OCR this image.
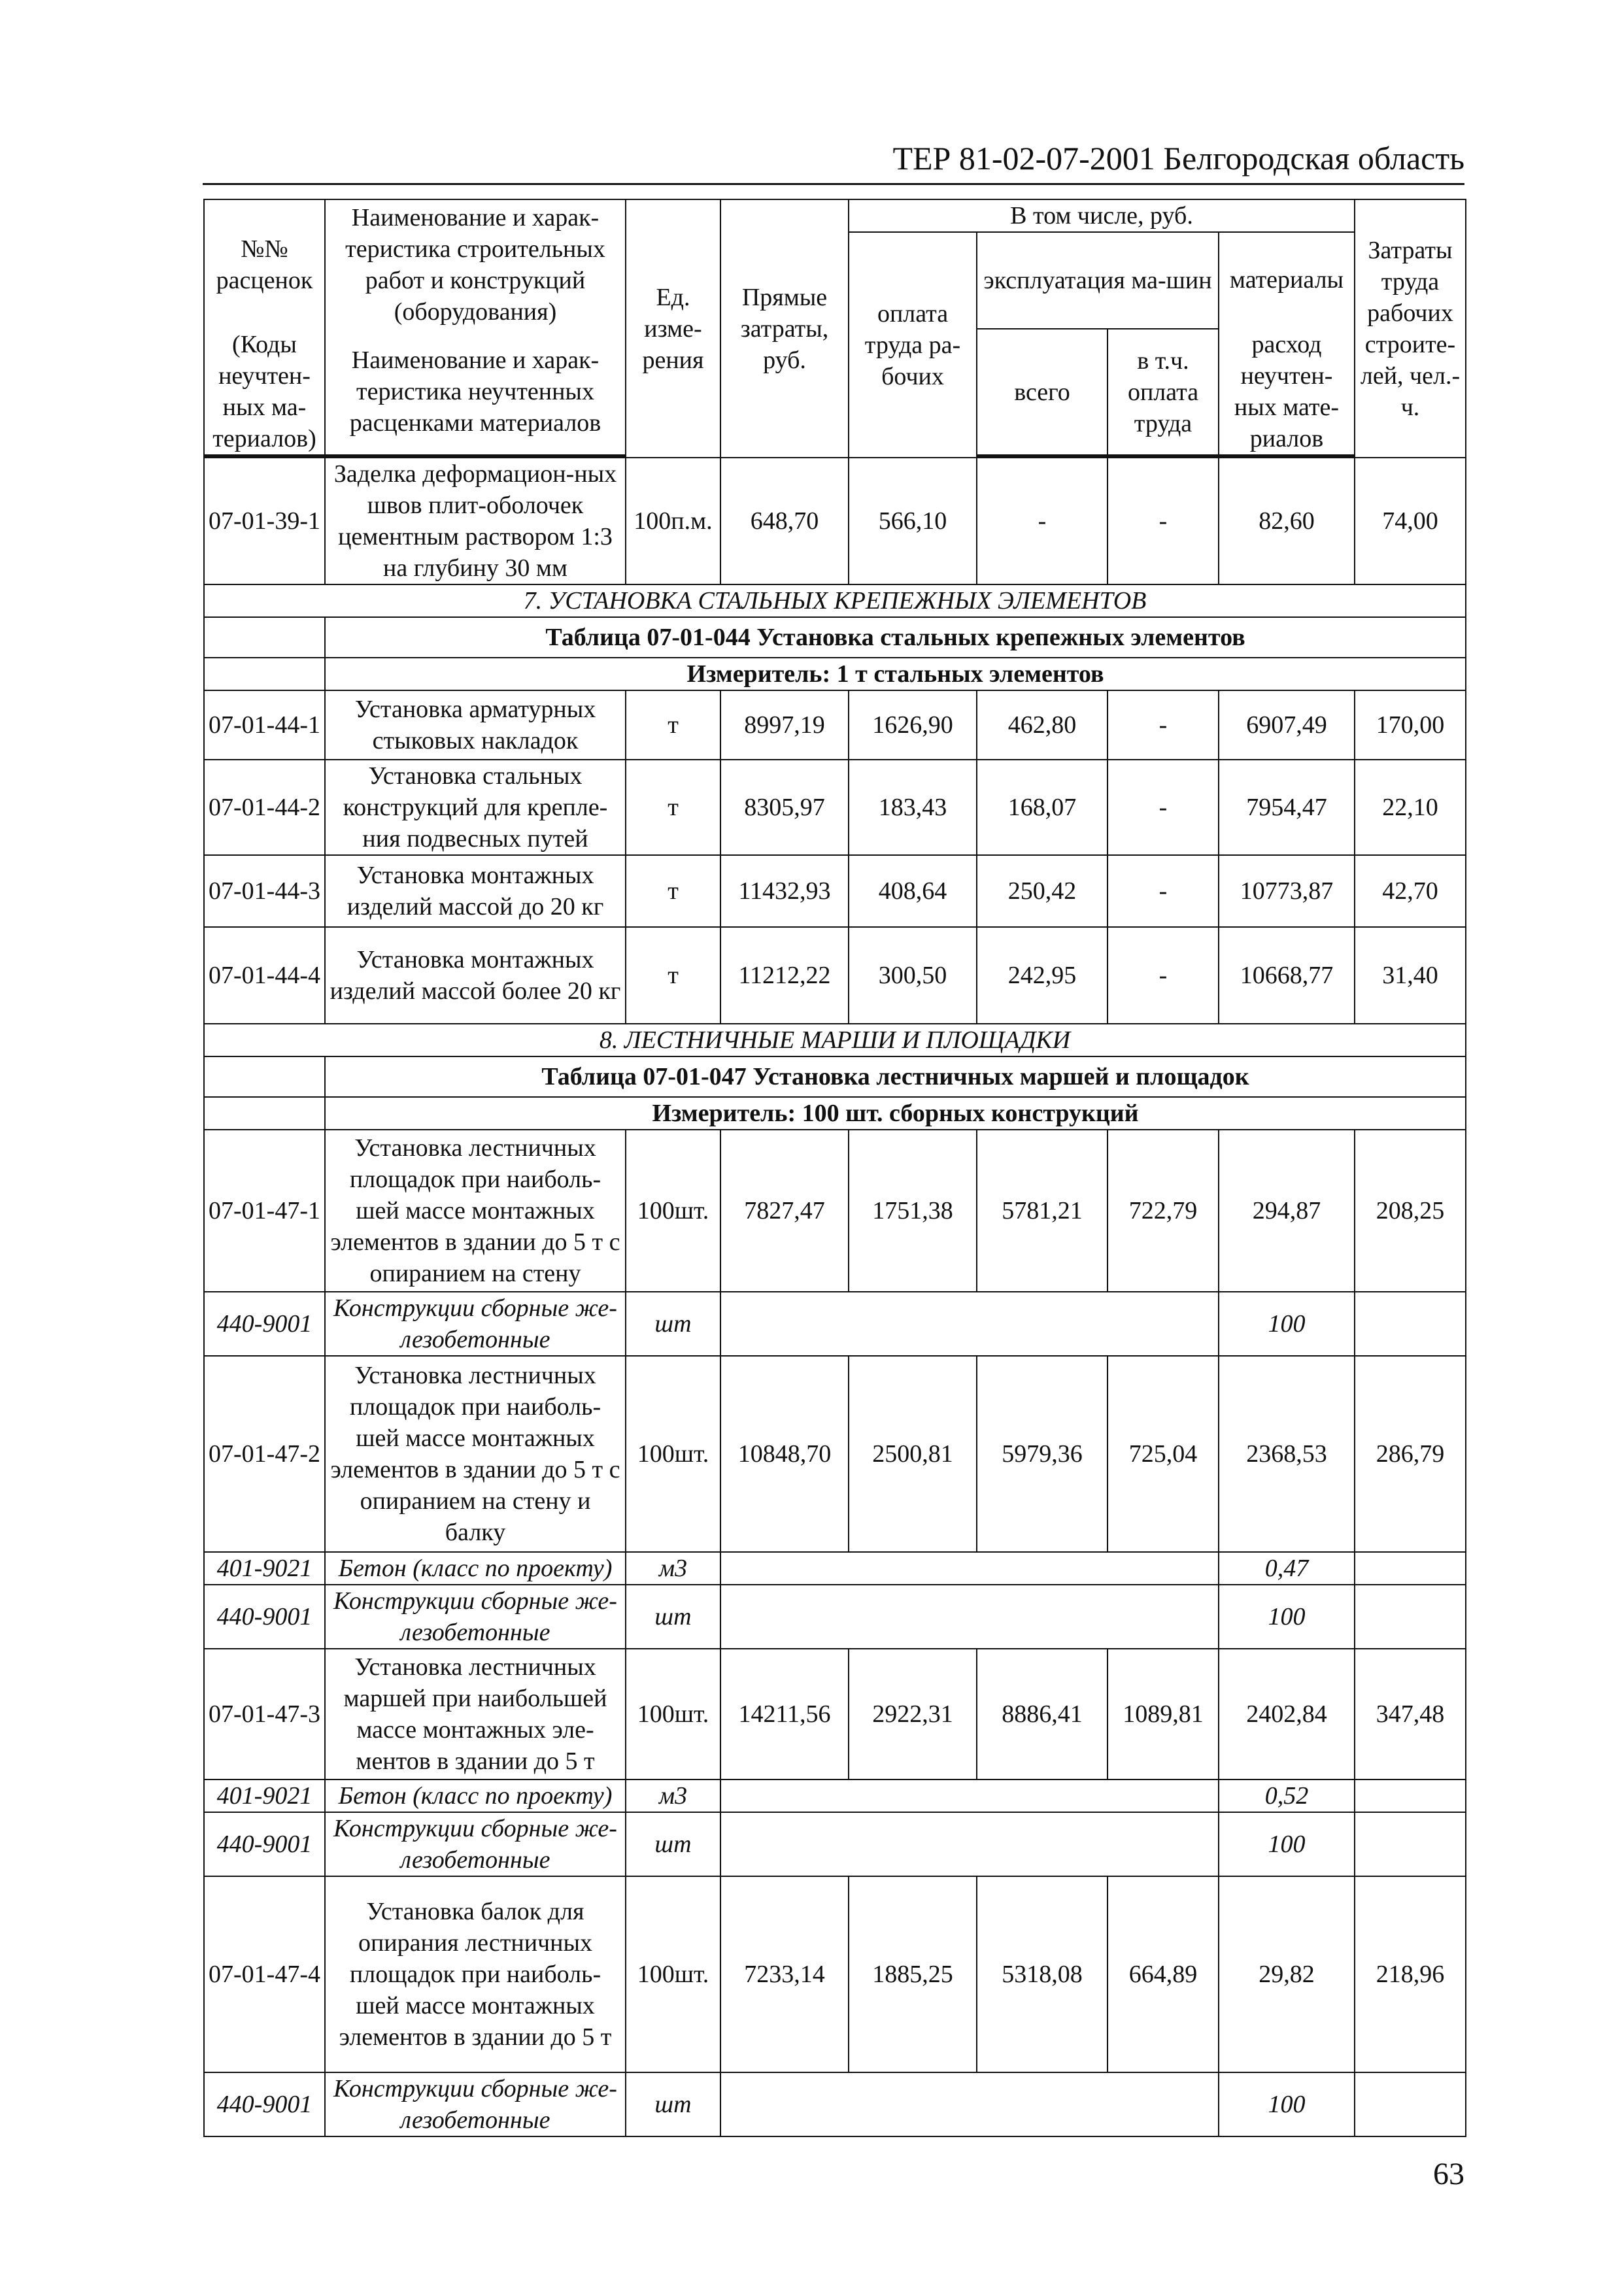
ТЕР 81-02-07-2001 Белгородская область
№№ расценок	Наименование и харак-теристика строительных работ и конструкций (оборудования)	Ед. изме-рения	Прямые затраты, руб.	В том числе, руб.				Затраты труда рабочих строите-лей, чел.-ч.
				оплата труда ра-бочих	эксплуатация ма-шин		материалы	

(Коды неучтен-ных ма-териалов)	Наименование и харак-теристика неучтенных расценками материалов				всего	в т.ч. оплата труда	расход неучтен-ных мате-риалов	

07-01-39-1	Заделка деформацион-ных швов плит-оболочек цементным раствором 1:3 на глубину 30 мм	100п.м.	648,70	566,10	-	-	82,60	74,00
7. УСТАНОВКА СТАЛЬНЫХ КРЕПЕЖНЫХ ЭЛЕМЕНТОВ								
	Таблица 07-01-044 Установка стальных крепежных элементов							
	Измеритель: 1 т стальных элементов							
07-01-44-1	Установка арматурных стыковых накладок	т	8997,19	1626,90	462,80	-	6907,49	170,00
07-01-44-2	Установка стальных конструкций для крепле-ния подвесных путей	т	8305,97	183,43	168,07	-	7954,47	22,10
07-01-44-3	Установка монтажных изделий массой до 20 кг	т	11432,93	408,64	250,42	-	10773,87	42,70
07-01-44-4	Установка монтажных изделий массой более 20 кг	т	11212,22	300,50	242,95	-	10668,77	31,40
8. ЛЕСТНИЧНЫЕ МАРШИ И ПЛОЩАДКИ								
	Таблица 07-01-047 Установка лестничных маршей и площадок							
	Измеритель: 100 шт. сборных конструкций							
07-01-47-1	Установка лестничных площадок при наиболь-шей массе монтажных элементов в здании до 5 т с опиранием на стену	100шт.	7827,47	1751,38	5781,21	722,79	294,87	208,25
440-9001	Конструкции сборные же-лезобетонные	шт					100	
07-01-47-2	Установка лестничных площадок при наиболь-шей массе монтажных элементов в здании до 5 т с опиранием на стену и балку	100шт.	10848,70	2500,81	5979,36	725,04	2368,53	286,79
401-9021	Бетон (класс по проекту)	м3					0,47	
440-9001	Конструкции сборные же-лезобетонные	шт					100	
07-01-47-3	Установка лестничных маршей при наибольшей массе монтажных эле-ментов в здании до 5 т	100шт.	14211,56	2922,31	8886,41	1089,81	2402,84	347,48
401-9021	Бетон (класс по проекту)	м3					0,52	
440-9001	Конструкции сборные же-лезобетонные	шт					100	
07-01-47-4	Установка балок для опирания лестничных площадок при наиболь-шей массе монтажных элементов в здании до 5 т	100шт.	7233,14	1885,25	5318,08	664,89	29,82	218,96
440-9001	Конструкции сборные же-лезобетонные	шт					100	
63
